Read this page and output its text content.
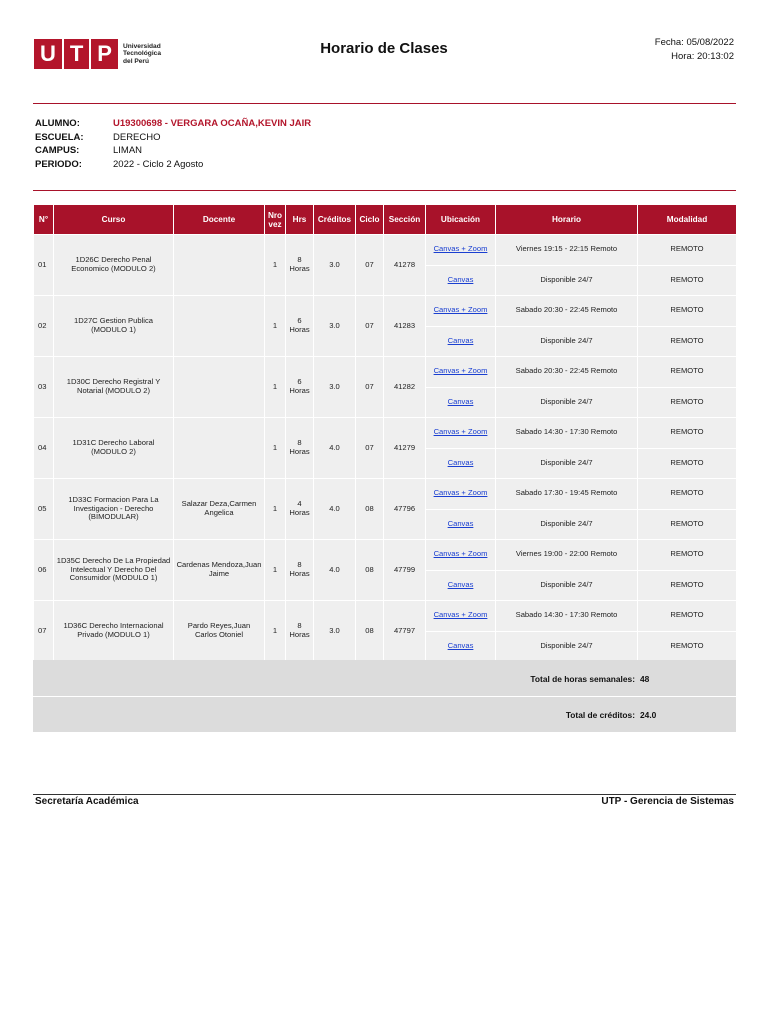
U T P Universidad
Tecnológica
del Perú
Horario de Clases	Fecha: 05/08/2022
Hora: 20:13:02
ALUMNO:	U19300698 - VERGARA OCAÑA,KEVIN JAIR
ESCUELA:	DERECHO
CAMPUS:	LIMAN
PERIODO:	2022 - Ciclo 2 Agosto
N°	Curso	Docente	Nro vez	Hrs	Créditos	Ciclo	Sección	Ubicación	Horario	Modalidad
01	1D26C Derecho Penal Economico (MODULO 2)		1	8 Horas	3.0	07	41278	Canvas + Zoom	Viernes 19:15 - 22:15 Remoto	REMOTO
								Canvas	Disponible 24/7	REMOTO
02	1D27C Gestion Publica (MODULO 1)		1	6 Horas	3.0	07	41283	Canvas + Zoom	Sabado 20:30 - 22:45 Remoto	REMOTO
								Canvas	Disponible 24/7	REMOTO
03	1D30C Derecho Registral Y Notarial (MODULO 2)		1	6 Horas	3.0	07	41282	Canvas + Zoom	Sabado 20:30 - 22:45 Remoto	REMOTO
								Canvas	Disponible 24/7	REMOTO
04	1D31C Derecho Laboral (MODULO 2)		1	8 Horas	4.0	07	41279	Canvas + Zoom	Sabado 14:30 - 17:30 Remoto	REMOTO
								Canvas	Disponible 24/7	REMOTO
05	1D33C Formacion Para La Investigacion - Derecho (BIMODULAR)	Salazar Deza,Carmen Angelica	1	4 Horas	4.0	08	47796	Canvas + Zoom	Sabado 17:30 - 19:45 Remoto	REMOTO
								Canvas	Disponible 24/7	REMOTO
06	1D35C Derecho De La Propiedad Intelectual Y Derecho Del Consumidor (MODULO 1)	Cardenas Mendoza,Juan Jaime	1	8 Horas	4.0	08	47799	Canvas + Zoom	Viernes 19:00 - 22:00 Remoto	REMOTO
								Canvas	Disponible 24/7	REMOTO
07	1D36C Derecho Internacional Privado (MODULO 1)	Pardo Reyes,Juan Carlos Otoniel	1	8 Horas	3.0	08	47797	Canvas + Zoom	Sabado 14:30 - 17:30 Remoto	REMOTO
								Canvas	Disponible 24/7	REMOTO
Total de horas semanales: 48
Total de créditos: 24.0
Secretaría Académica	UTP - Gerencia de Sistemas
